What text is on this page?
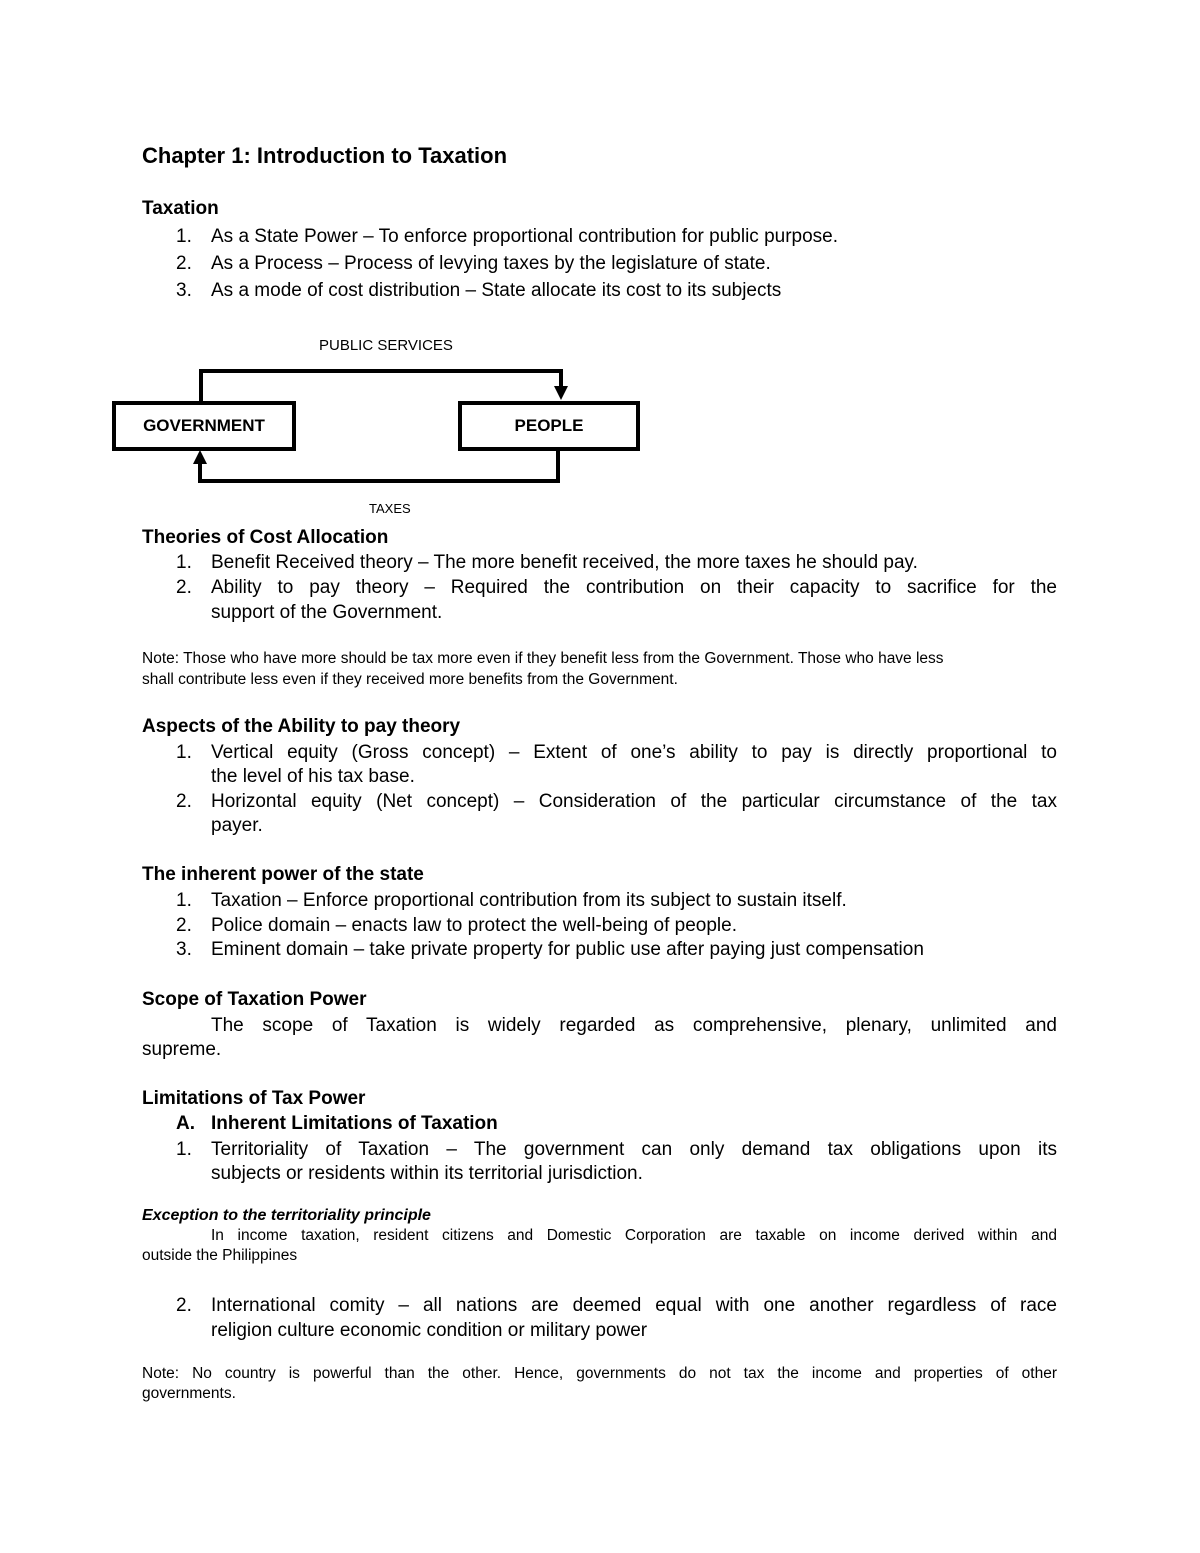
Chapter 1: Introduction to Taxation
Taxation
1. As a State Power – To enforce proportional contribution for public purpose.
2. As a Process – Process of levying taxes by the legislature of state.
3. As a mode of cost distribution – State allocate its cost to its subjects
PUBLIC SERVICES
GOVERNMENT	PEOPLE
TAXES
Theories of Cost Allocation
1. Benefit Received theory – The more benefit received, the more taxes he should pay.
2. Ability to pay theory – Required the contribution on their capacity to sacrifice for the
support of the Government.
Note: Those who have more should be tax more even if they benefit less from the Government. Those who have less
shall contribute less even if they received more benefits from the Government.
Aspects of the Ability to pay theory
1. Vertical equity (Gross concept) – Extent of one’s ability to pay is directly proportional to
the level of his tax base.
2. Horizontal equity (Net concept) – Consideration of the particular circumstance of the tax
payer.
The inherent power of the state
1. Taxation – Enforce proportional contribution from its subject to sustain itself.
2. Police domain – enacts law to protect the well-being of people.
3. Eminent domain – take private property for public use after paying just compensation
Scope of Taxation Power
The scope of Taxation is widely regarded as comprehensive, plenary, unlimited and
supreme.
Limitations of Tax Power
A. Inherent Limitations of Taxation
1. Territoriality of Taxation – The government can only demand tax obligations upon its
subjects or residents within its territorial jurisdiction.
Exception to the territoriality principle
In income taxation, resident citizens and Domestic Corporation are taxable on income derived within and
outside the Philippines
2. International comity – all nations are deemed equal with one another regardless of race
religion culture economic condition or military power
Note: No country is powerful than the other. Hence, governments do not tax the income and properties of other
governments.
